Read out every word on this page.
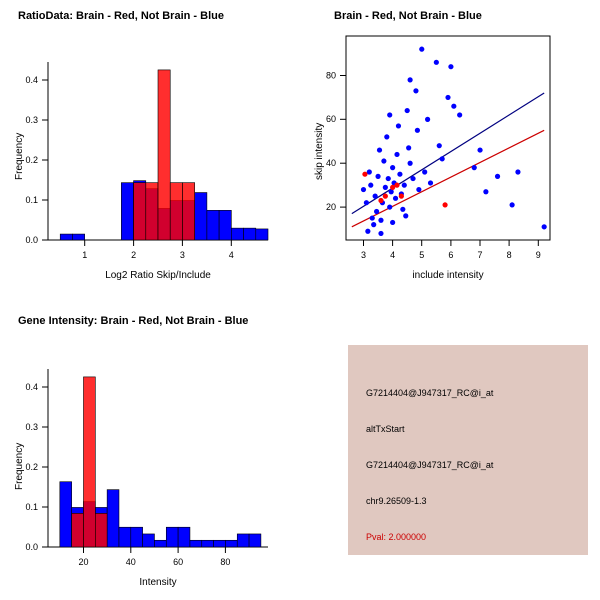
RatioData: Brain - Red, Not Brain - Blue
0.0
0.1
0.2
0.3
0.4
1	2	3	4
Log2 Ratio Skip/Include
Frequency
Brain - Red, Not Brain - Blue
20
40
60
80
3	4	5	6	7	8	9
include intensity
skip intensity
Gene Intensity: Brain - Red, Not Brain - Blue
0.0
0.1
0.2
0.3
0.4
20	40	60	80
Intensity
Frequency
G7214404@J947317_RC@i_at
altTxStart
G7214404@J947317_RC@i_at
chr9.26509-1.3
Pval: 2.000000
